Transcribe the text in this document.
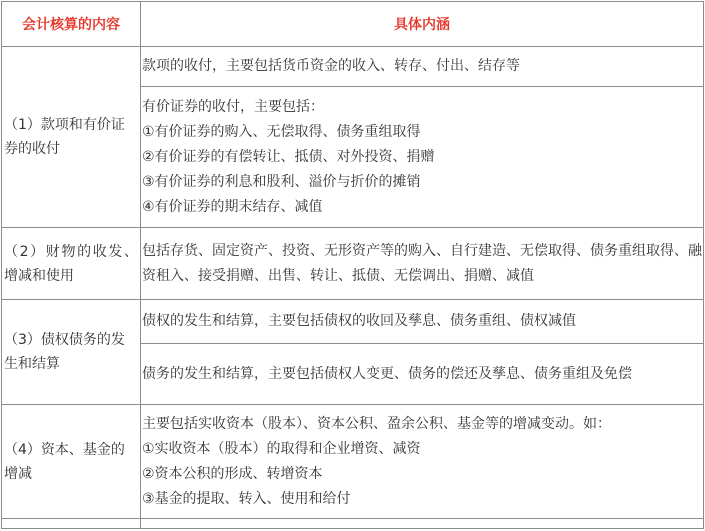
会计核算的内容	具体内涵
（1）款项和有价证券的收付	款项的收付，主要包括货币资金的收入、转存、付出、结存等

	有价证券的收付，主要包括：
①有价证券的购入、无偿取得、债务重组取得
②有价证券的有偿转让、抵债、对外投资、捐赠
③有价证券的利息和股利、溢价与折价的摊销
④有价证券的期末结存、减值

（2）财物的收发、增减和使用	包括存货、固定资产、投资、无形资产等的购入、自行建造、无偿取得、债务重组取得、融资租入、接受捐赠、出售、转让、抵债、无偿调出、捐赠、减值

（3）债权债务的发生和结算	债权的发生和结算，主要包括债权的收回及孳息、债务重组、债权减值

	债务的发生和结算，主要包括债权人变更、债务的偿还及孳息、债务重组及免偿

（4）资本、基金的增减	主要包括实收资本（股本）、资本公积、盈余公积、基金等的增减变动。如：
①实收资本（股本）的取得和企业增资、减资
②资本公积的形成、转增资本
③基金的提取、转入、使用和给付
